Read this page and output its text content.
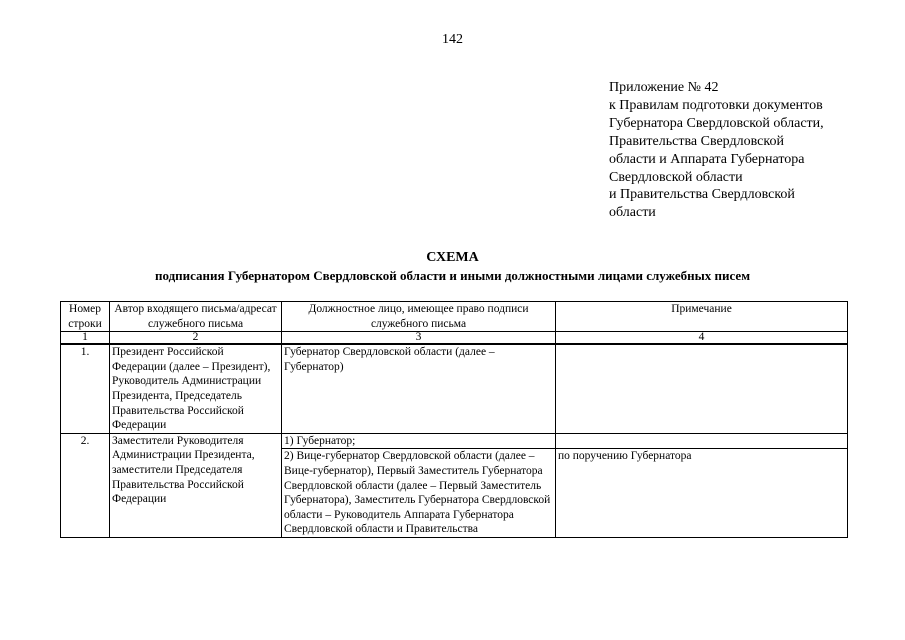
142
Приложение № 42
к Правилам подготовки документов
Губернатора Свердловской области,
Правительства Свердловской
области и Аппарата Губернатора
Свердловской области
и Правительства Свердловской
области
СХЕМА
подписания Губернатором Свердловской области и иными должностными лицами служебных писем
Номер строки	Автор входящего письма/адресат служебного письма	Должностное лицо, имеющее право подписи служебного письма	Примечание
1	2	3	4
1.	Президент Российской Федерации (далее – Президент), Руководитель Администрации Президента, Председатель Правительства Российской Федерации	Губернатор Свердловской области (далее – Губернатор)	
2.	Заместители Руководителя Администрации Президента, заместители Председателя Правительства Российской Федерации	1) Губернатор;	
		2) Вице-губернатор Свердловской области (далее – Вице-губернатор), Первый Заместитель Губернатора Свердловской области (далее – Первый Заместитель Губернатора), Заместитель Губернатора Свердловской области – Руководитель Аппарата Губернатора Свердловской области и Правительства	по поручению Губернатора
